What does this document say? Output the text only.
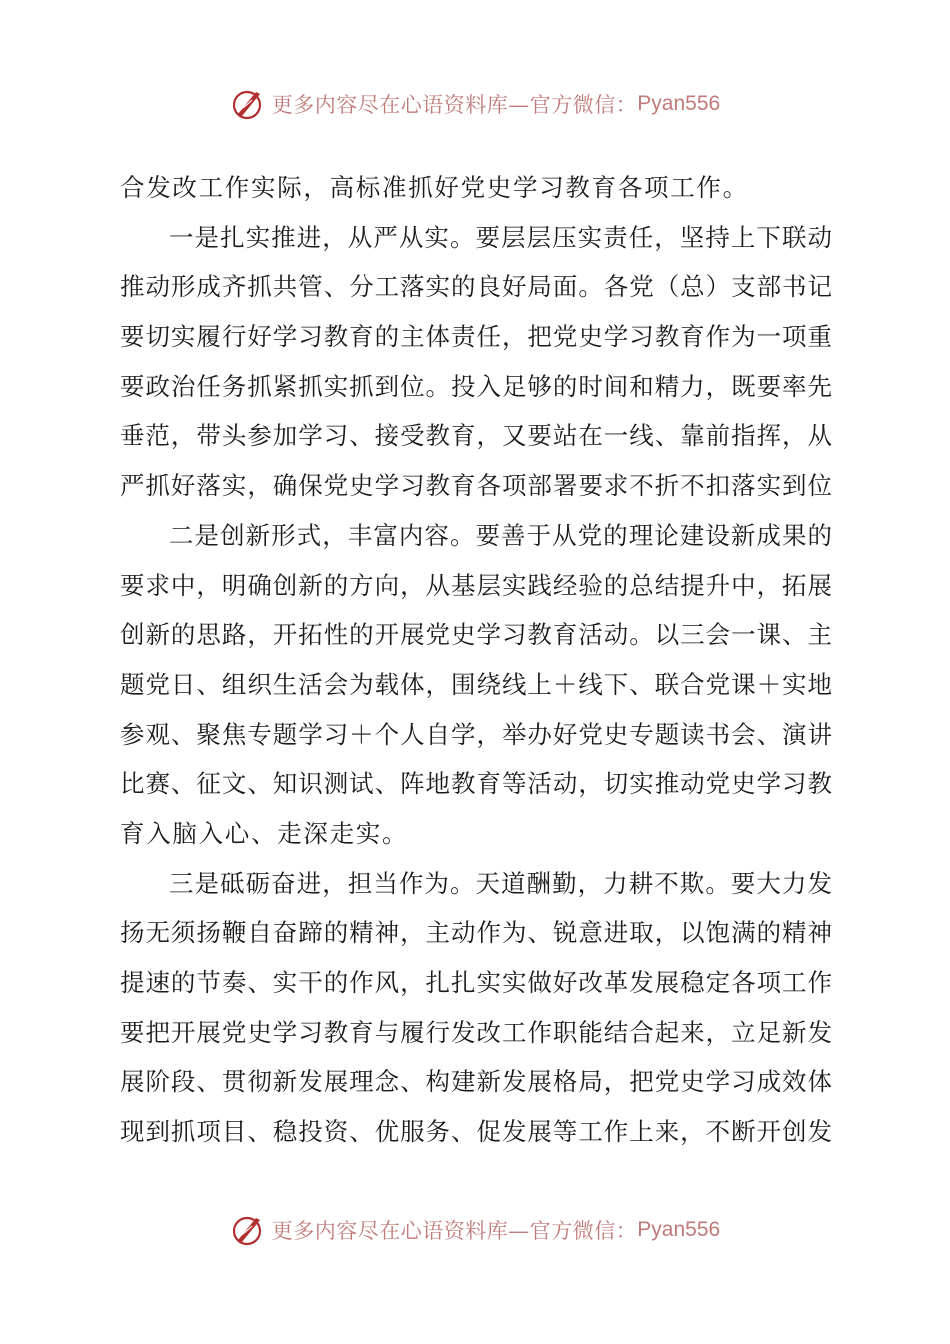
更多内容尽在心语资料库—官方微信： Pyan556
合发改工作实际，高标准抓好党史学习教育各项工作。
一是扎实推进，从严从实。要层层压实责任，坚持上下联动
推动形成齐抓共管、分工落实的良好局面。各党（总）支部书记
要切实履行好学习教育的主体责任，把党史学习教育作为一项重
要政治任务抓紧抓实抓到位。投入足够的时间和精力，既要率先
垂范，带头参加学习、接受教育，又要站在一线、靠前指挥，从
严抓好落实，确保党史学习教育各项部署要求不折不扣落实到位
二是创新形式，丰富内容。要善于从党的理论建设新成果的
要求中，明确创新的方向，从基层实践经验的总结提升中，拓展
创新的思路，开拓性的开展党史学习教育活动。以三会一课、主
题党日、组织生活会为载体，围绕线上＋线下、联合党课＋实地
参观、聚焦专题学习＋个人自学，举办好党史专题读书会、演讲
比赛、征文、知识测试、阵地教育等活动，切实推动党史学习教
育入脑入心、走深走实。
三是砥砺奋进，担当作为。天道酬勤，力耕不欺。要大力发
扬无须扬鞭自奋蹄的精神，主动作为、锐意进取，以饱满的精神
提速的节奏、实干的作风，扎扎实实做好改革发展稳定各项工作
要把开展党史学习教育与履行发改工作职能结合起来，立足新发
展阶段、贯彻新发展理念、构建新发展格局，把党史学习成效体
现到抓项目、稳投资、优服务、促发展等工作上来，不断开创发
更多内容尽在心语资料库—官方微信： Pyan556
